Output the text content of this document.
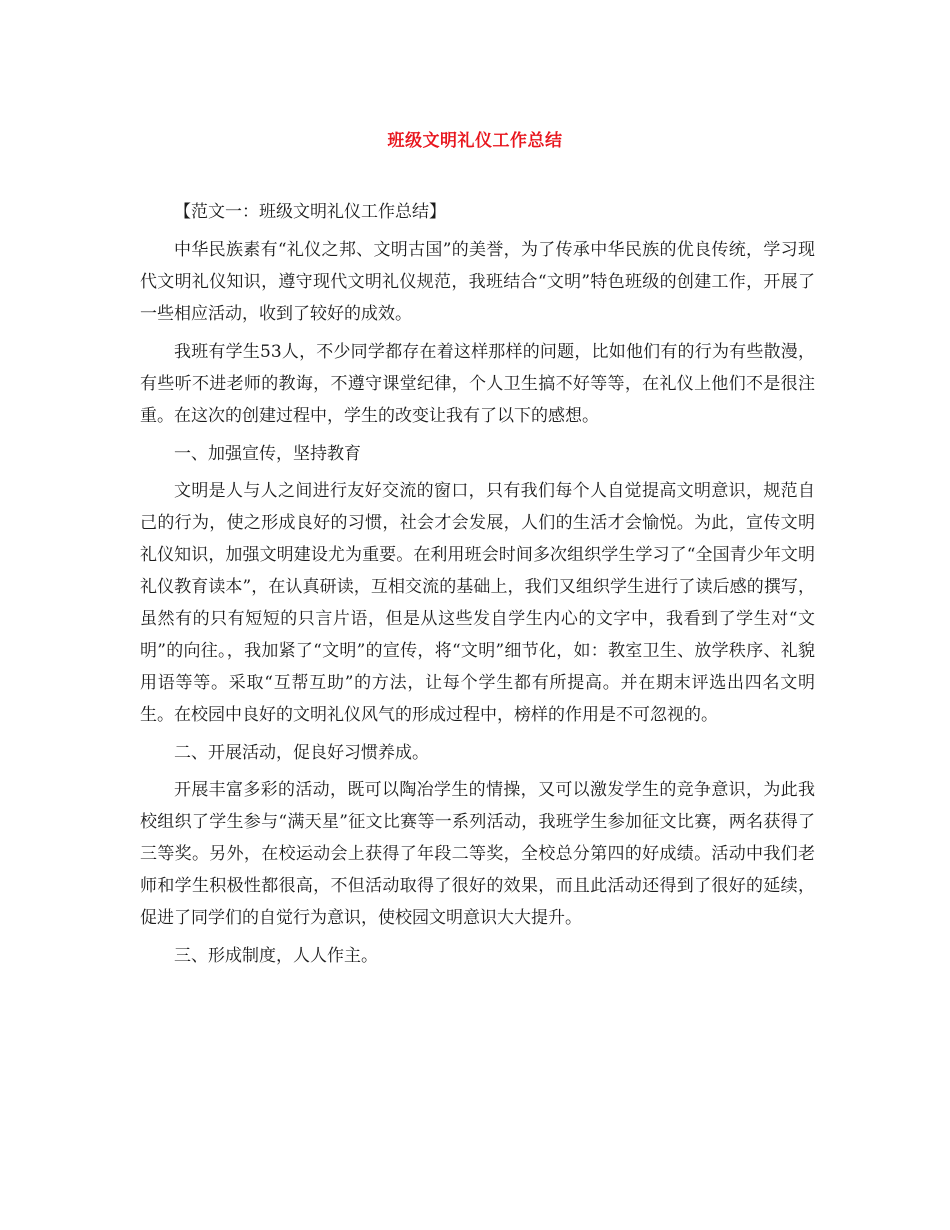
班级文明礼仪工作总结

【范文一：班级文明礼仪工作总结】

中华民族素有“礼仪之邦、文明古国”的美誉，为了传承中华民族的优良传统，学习现代文明礼仪知识，遵守现代文明礼仪规范，我班结合“文明”特色班级的创建工作，开展了一些相应活动，收到了较好的成效。

我班有学生53人，不少同学都存在着这样那样的问题，比如他们有的行为有些散漫，有些听不进老师的教诲，不遵守课堂纪律，个人卫生搞不好等等，在礼仪上他们不是很注重。在这次的创建过程中，学生的改变让我有了以下的感想。

一、加强宣传，坚持教育

文明是人与人之间进行友好交流的窗口，只有我们每个人自觉提高文明意识，规范自己的行为，使之形成良好的习惯，社会才会发展，人们的生活才会愉悦。为此，宣传文明礼仪知识，加强文明建设尤为重要。在利用班会时间多次组织学生学习了“全国青少年文明礼仪教育读本”，在认真研读，互相交流的基础上，我们又组织学生进行了读后感的撰写，虽然有的只有短短的只言片语，但是从这些发自学生内心的文字中，我看到了学生对“文明”的向往。，我加紧了“文明”的宣传，将“文明”细节化，如：教室卫生、放学秩序、礼貌用语等等。采取“互帮互助”的方法，让每个学生都有所提高。并在期末评选出四名文明生。在校园中良好的文明礼仪风气的形成过程中，榜样的作用是不可忽视的。

二、开展活动，促良好习惯养成。

开展丰富多彩的活动，既可以陶冶学生的情操，又可以激发学生的竞争意识，为此我校组织了学生参与“满天星”征文比赛等一系列活动，我班学生参加征文比赛，两名获得了三等奖。另外，在校运动会上获得了年段二等奖，全校总分第四的好成绩。活动中我们老师和学生积极性都很高，不但活动取得了很好的效果，而且此活动还得到了很好的延续，促进了同学们的自觉行为意识，使校园文明意识大大提升。

三、形成制度，人人作主。
